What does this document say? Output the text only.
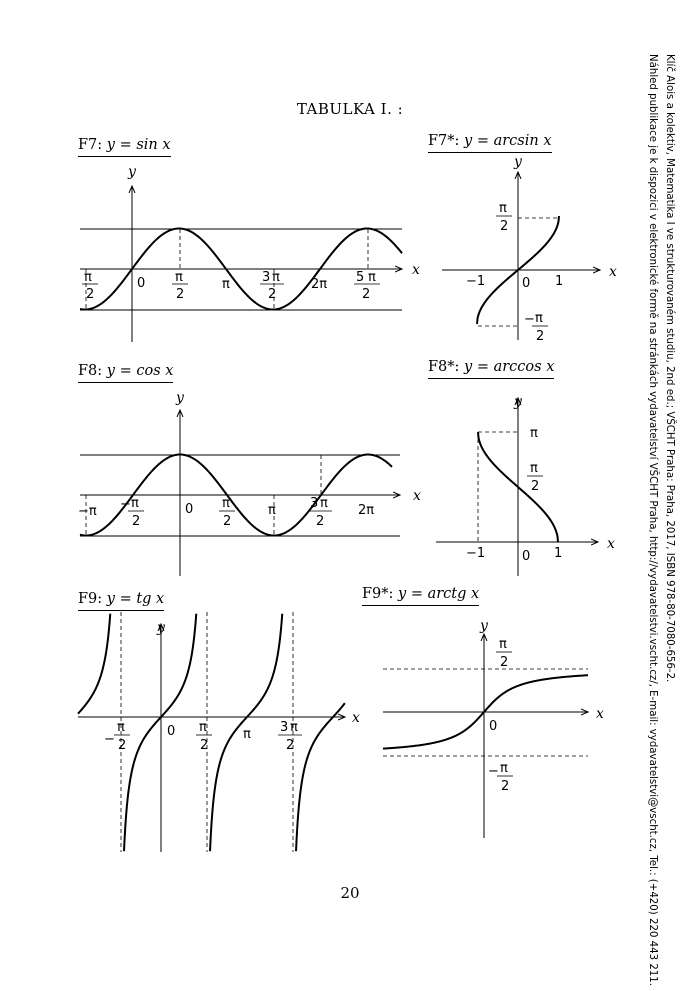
TABULKA I. :
F7: y = sin x	F7*: y = arcsin x
F8: y = cos x	F8*: y = arccos x
F9: y = tg x	F9*: y = arctg x
y
x
π
2
0 π
2
π 3 π
2
2π 5 π
2
y
x
π
2
−1	0 1
− π
2
y
x
−π − π
2
0 π
2
π	3 π
2
2π
y
x
π
π
2
−1	0 1
y
x
−
π
2
0 π
2
π 3 π
2
y
x
π
2
0
− π
2
20
Klíč Alois a kolektiv, Matematika I ve strukturovaném studiu, 2nd ed.; VŠCHT Praha: Praha, 2017, ISBN 978-80-7080-656-2.
Náhled publikace je k dispozici v elektronické formě na stránkách vydavatelství VŠCHT Praha, http://vydavatelstvi.vscht.cz/, E-mail: vydavatelstvi@vscht.cz, Tel.: (+420) 220 443 211.
